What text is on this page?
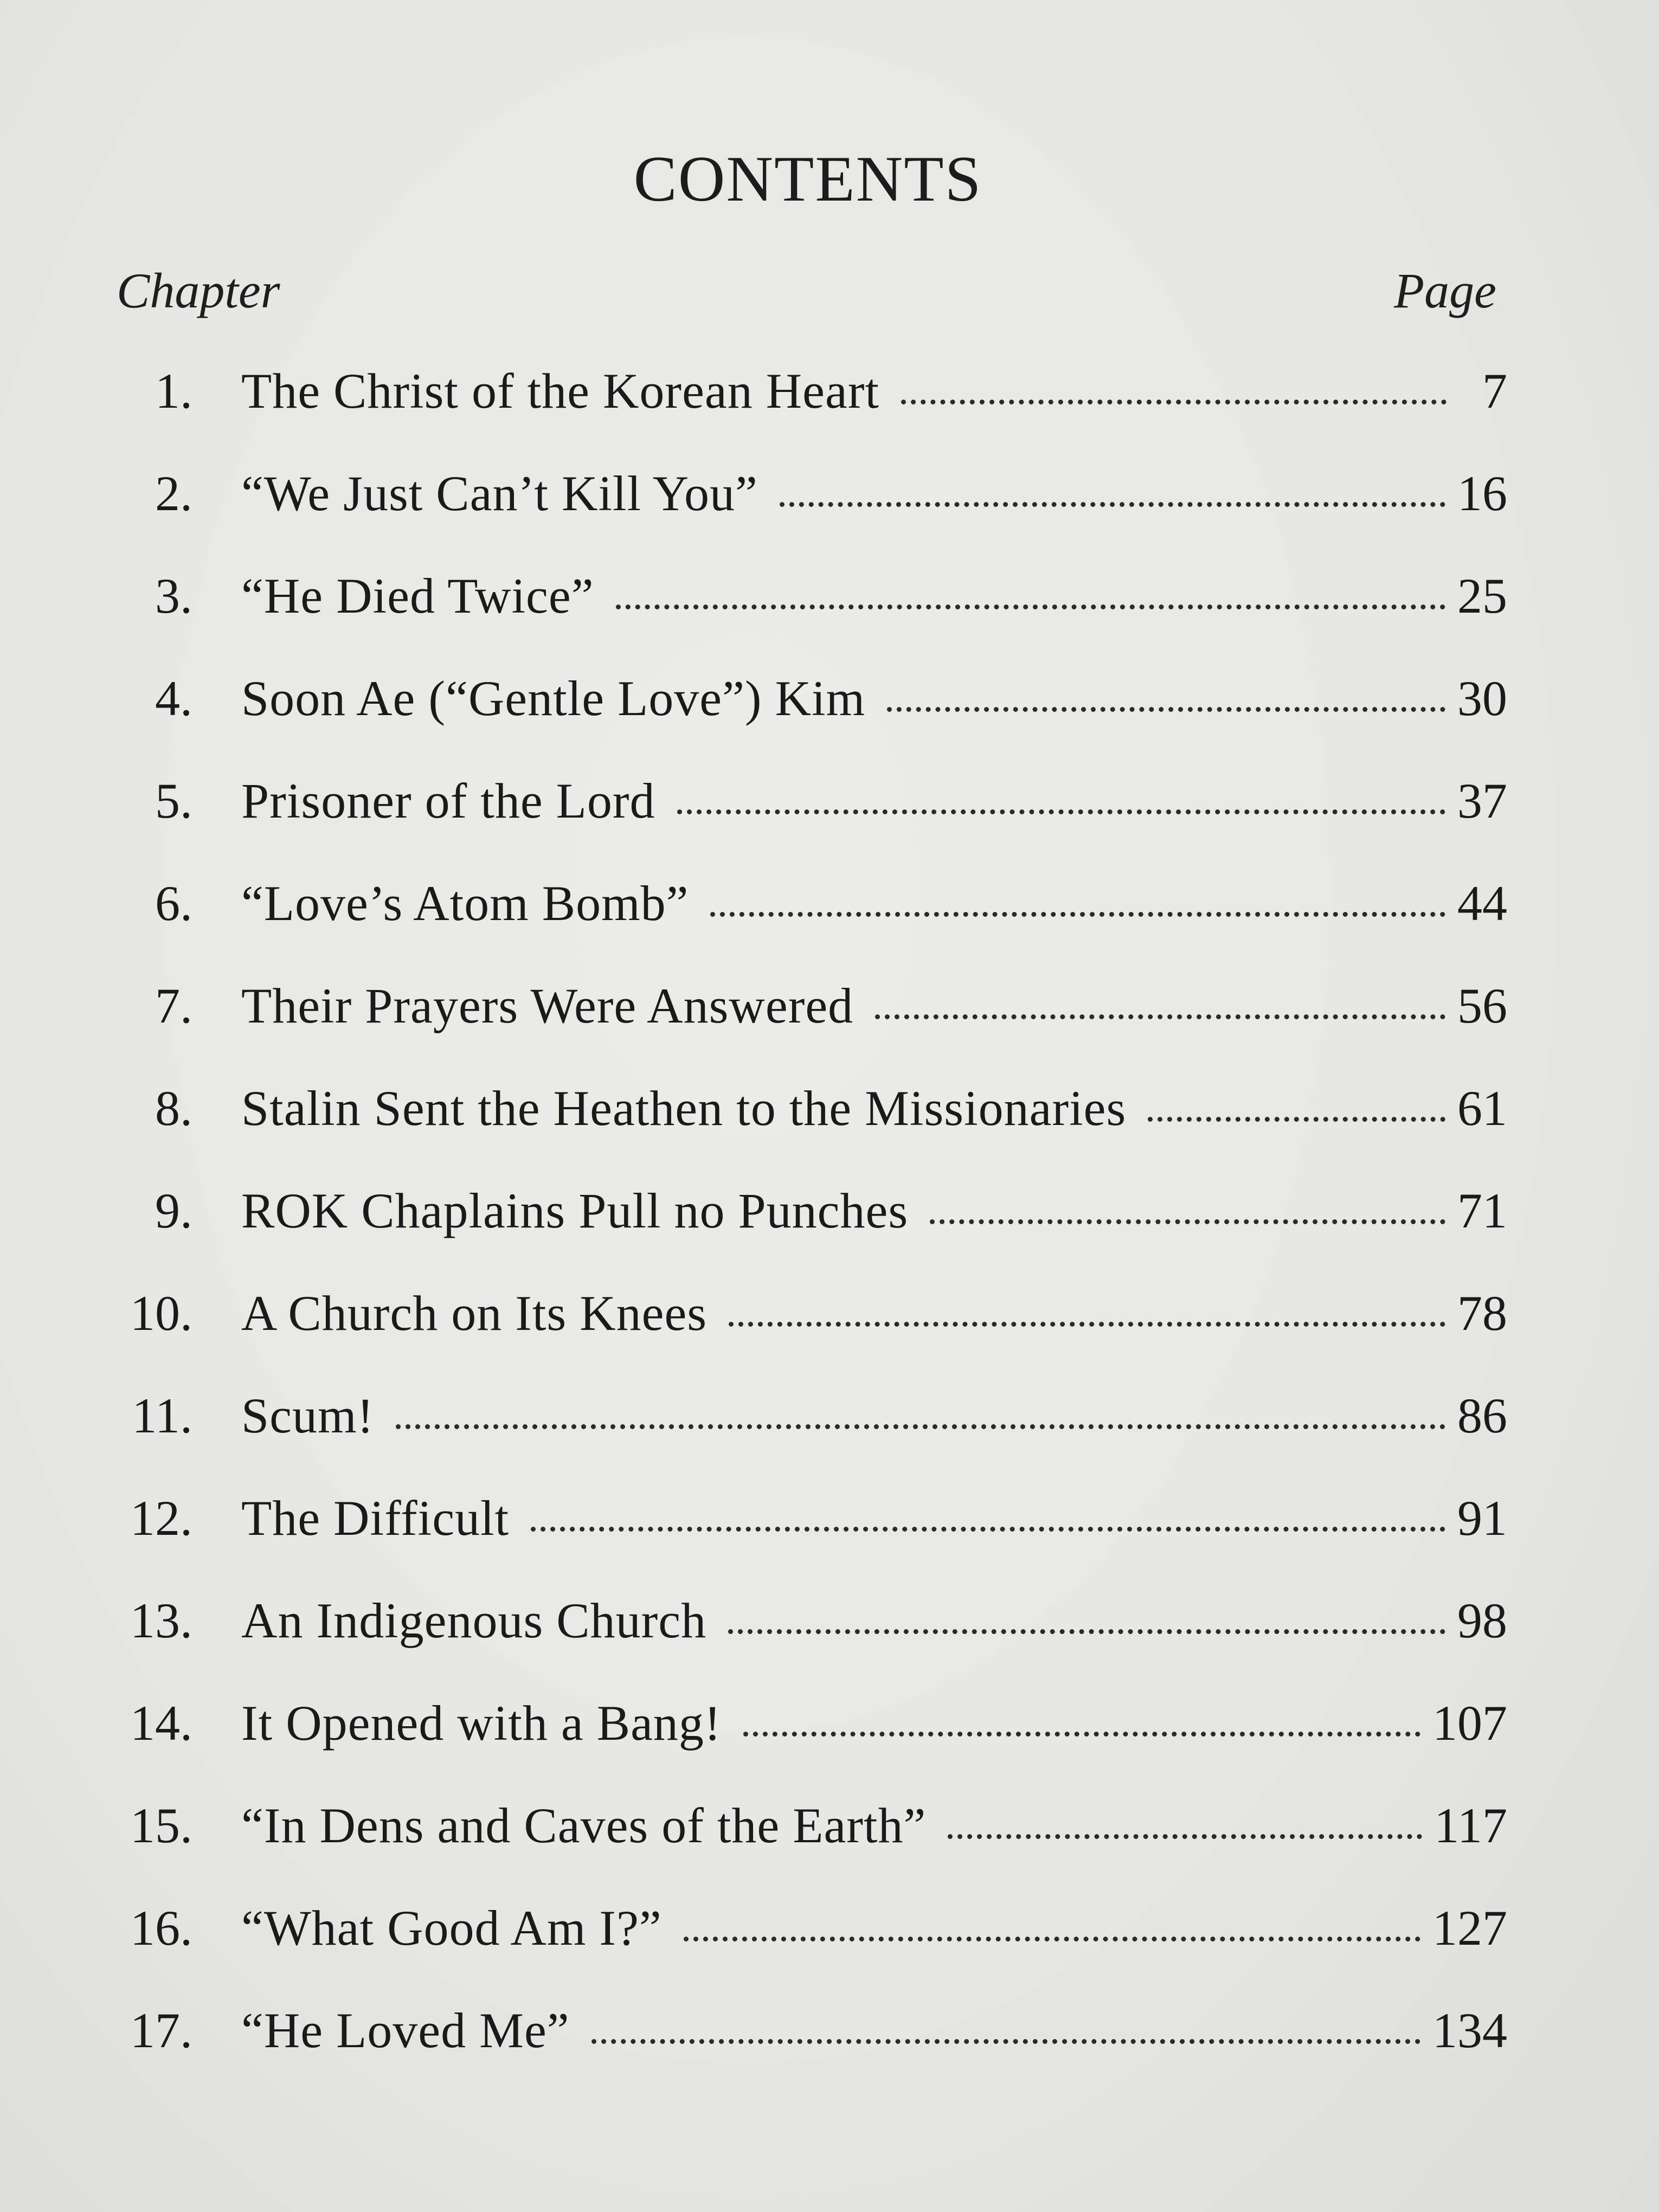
CONTENTS
Chapter	Page
1. The Christ of the Korean Heart	7
2. “We Just Can’t Kill You”	16
3. “He Died Twice”	25
4. Soon Ae (“Gentle Love”) Kim	30
5. Prisoner of the Lord	37
6. “Love’s Atom Bomb”	44
7. Their Prayers Were Answered	56
8. Stalin Sent the Heathen to the Missionaries	61
9. ROK Chaplains Pull no Punches	71
10. A Church on Its Knees	78
11. Scum!	86
12. The Difficult	91
13. An Indigenous Church	98
14. It Opened with a Bang!	107
15. “In Dens and Caves of the Earth”	117
16. “What Good Am I?”	127
17. “He Loved Me”	134
